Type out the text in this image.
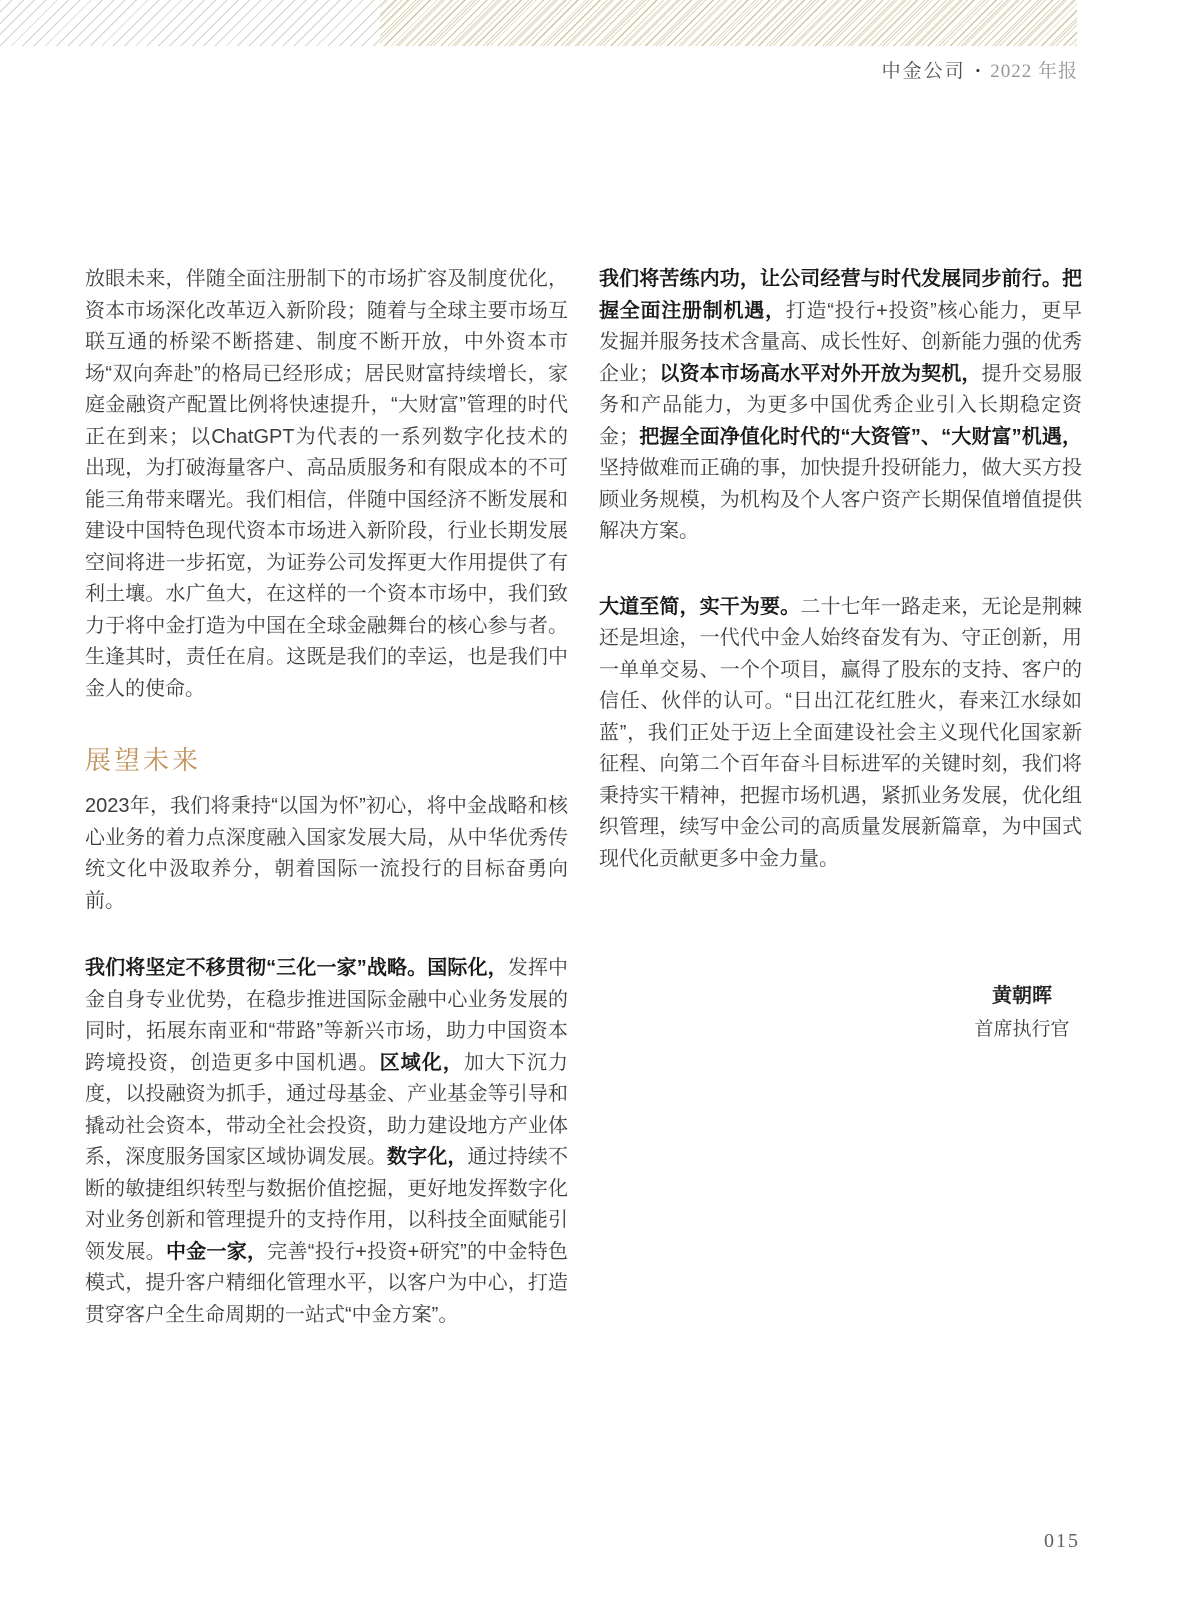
中金公司 • 2022 年报

放眼未来，伴随全面注册制下的市场扩容及制度优化，资本市场深化改革迈入新阶段；随着与全球主要市场互联互通的桥梁不断搭建、制度不断开放，中外资本市场“双向奔赴”的格局已经形成；居民财富持续增长，家庭金融资产配置比例将快速提升，“大财富”管理的时代正在到来；以ChatGPT为代表的一系列数字化技术的出现，为打破海量客户、高品质服务和有限成本的不可能三角带来曙光。我们相信，伴随中国经济不断发展和建设中国特色现代资本市场进入新阶段，行业长期发展空间将进一步拓宽，为证券公司发挥更大作用提供了有利土壤。水广鱼大，在这样的一个资本市场中，我们致力于将中金打造为中国在全球金融舞台的核心参与者。生逢其时，责任在肩。这既是我们的幸运，也是我们中金人的使命。

展望未来

2023年，我们将秉持“以国为怀”初心，将中金战略和核心业务的着力点深度融入国家发展大局，从中华优秀传统文化中汲取养分，朝着国际一流投行的目标奋勇向前。

我们将坚定不移贯彻“三化一家”战略。国际化，发挥中金自身专业优势，在稳步推进国际金融中心业务发展的同时，拓展东南亚和“带路”等新兴市场，助力中国资本跨境投资，创造更多中国机遇。区域化，加大下沉力度，以投融资为抓手，通过母基金、产业基金等引导和撬动社会资本，带动全社会投资，助力建设地方产业体系，深度服务国家区域协调发展。数字化，通过持续不断的敏捷组织转型与数据价值挖掘，更好地发挥数字化对业务创新和管理提升的支持作用，以科技全面赋能引领发展。中金一家，完善“投行+投资+研究”的中金特色模式，提升客户精细化管理水平，以客户为中心，打造贯穿客户全生命周期的一站式“中金方案”。

我们将苦练内功，让公司经营与时代发展同步前行。把握全面注册制机遇，打造“投行+投资”核心能力，更早发掘并服务技术含量高、成长性好、创新能力强的优秀企业；以资本市场高水平对外开放为契机，提升交易服务和产品能力，为更多中国优秀企业引入长期稳定资金；把握全面净值化时代的“大资管”、“大财富”机遇，坚持做难而正确的事，加快提升投研能力，做大买方投顾业务规模，为机构及个人客户资产长期保值增值提供解决方案。

大道至简，实干为要。二十七年一路走来，无论是荆棘还是坦途，一代代中金人始终奋发有为、守正创新，用一单单交易、一个个项目，赢得了股东的支持、客户的信任、伙伴的认可。“日出江花红胜火，春来江水绿如蓝”，我们正处于迈上全面建设社会主义现代化国家新征程、向第二个百年奋斗目标进军的关键时刻，我们将秉持实干精神，把握市场机遇，紧抓业务发展，优化组织管理，续写中金公司的高质量发展新篇章，为中国式现代化贡献更多中金力量。

黄朝晖
首席执行官
015
